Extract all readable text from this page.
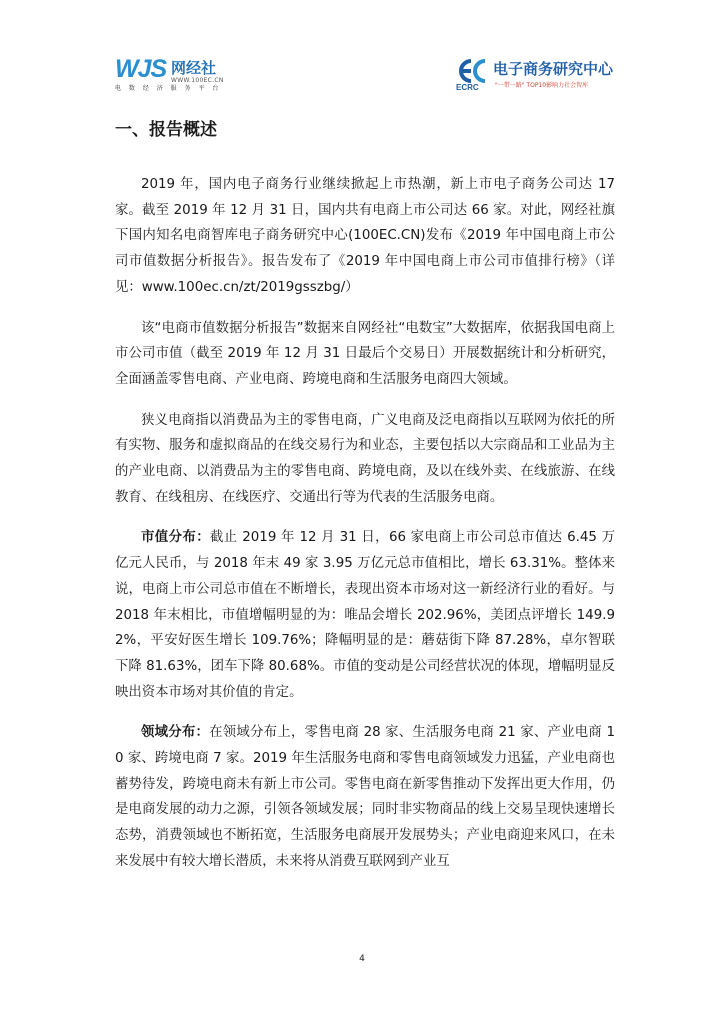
WJS 网经社
WWW.100EC.CN
电 数 经 济 服 务 平 台	ECRC
电子商务研究中心
"一带一路" TOP10影响力社会智库
一、报告概述

2019 年，国内电子商务行业继续掀起上市热潮，新上市电子商务公司达 17 家。截至 2019 年 12 月 31 日，国内共有电商上市公司达 66 家。对此，网经社旗下国内知名电商智库电子商务研究中心(100EC.CN)发布《2019 年中国电商上市公司市值数据分析报告》。报告发布了《2019 年中国电商上市公司市值排行榜》（详见：www.100ec.cn/zt/2019gsszbg/）

该“电商市值数据分析报告”数据来自网经社“电数宝”大数据库，依据我国电商上市公司市值（截至 2019 年 12 月 31 日最后个交易日）开展数据统计和分析研究，全面涵盖零售电商、产业电商、跨境电商和生活服务电商四大领域。

狭义电商指以消费品为主的零售电商，广义电商及泛电商指以互联网为依托的所有实物、服务和虚拟商品的在线交易行为和业态，主要包括以大宗商品和工业品为主的产业电商、以消费品为主的零售电商、跨境电商，及以在线外卖、在线旅游、在线教育、在线租房、在线医疗、交通出行等为代表的生活服务电商。

市值分布：截止 2019 年 12 月 31 日，66 家电商上市公司总市值达 6.45 万亿元人民币，与 2018 年末 49 家 3.95 万亿元总市值相比，增长 63.31%。整体来说，电商上市公司总市值在不断增长，表现出资本市场对这一新经济行业的看好。与 2018 年末相比，市值增幅明显的为：唯品会增长 202.96%，美团点评增长 149.92%，平安好医生增长 109.76%；降幅明显的是：蘑菇街下降 87.28%，卓尔智联下降 81.63%，团车下降 80.68%。市值的变动是公司经营状况的体现，增幅明显反映出资本市场对其价值的肯定。

领域分布：在领域分布上，零售电商 28 家、生活服务电商 21 家、产业电商 10 家、跨境电商 7 家。2019 年生活服务电商和零售电商领域发力迅猛，产业电商也蓄势待发，跨境电商未有新上市公司。零售电商在新零售推动下发挥出更大作用，仍是电商发展的动力之源，引领各领域发展；同时非实物商品的线上交易呈现快速增长态势，消费领域也不断拓宽，生活服务电商展开发展势头；产业电商迎来风口，在未来发展中有较大增长潜质，未来将从消费互联网到产业互

4
